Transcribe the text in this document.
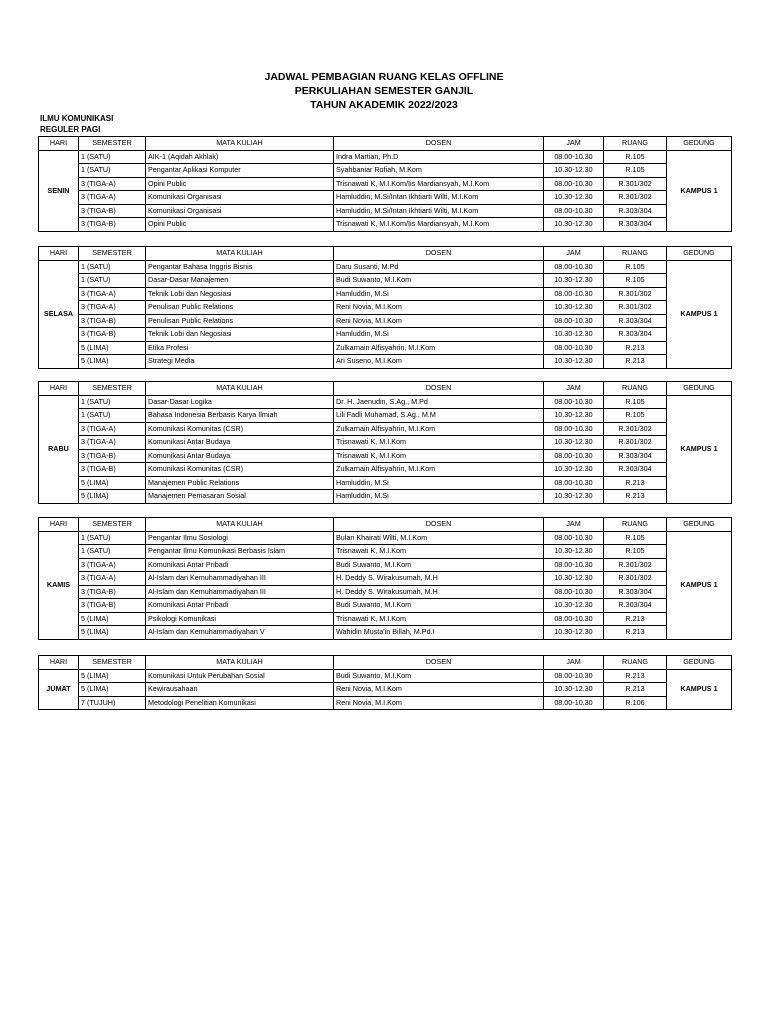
JADWAL PEMBAGIAN RUANG KELAS OFFLINE
PERKULIAHAN SEMESTER GANJIL
TAHUN AKADEMIK 2022/2023
ILMU KOMUNIKASI
REGULER PAGI
HARI	SEMESTER	MATA KULIAH	DOSEN	JAM	RUANG	GEDUNG
SENIN	1 (SATU)	AIK-1 (Aqidah Akhlak)	Indra Martian, Ph.D	08.00-10.30	R.105	KAMPUS 1
	1 (SATU)	Pengantar Aplikasi Komputer	Syahbaniar Rofiah, M.Kom	10.30-12.30	R.105	
	3 (TIGA-A)	Opini Public	Trisnawati K, M.I.Kom/Iis Mardiansyah, M.I.Kom	08.00-10.30	R.301/302	
	3 (TIGA-A)	Komunikasi Organisasi	Hamluddin, M.Si/Intan Ikhtiarti Wilti, M.I.Kom	10.30-12.30	R.301/302	
	3 (TIGA-B)	Komunikasi Organisasi	Hamluddin, M.Si/Intan Ikhtiarti Wilti, M.I.Kom	08.00-10.30	R.303/304	
	3 (TIGA-B)	Opini Public	Trisnawati K, M.I.Kom/Iis Mardiansyah, M.I.Kom	10.30-12.30	R.303/304	
HARI	SEMESTER	MATA KULIAH	DOSEN	JAM	RUANG	GEDUNG
SELASA	1 (SATU)	Pengantar Bahasa Inggris Bisnis	Daru Susanti, M.Pd	08.00-10.30	R.105	KAMPUS 1
	1 (SATU)	Dasar-Dasar Manajemen	Budi Suwanto, M.I.Kom	10.30-12.30	R.105	
	3 (TIGA-A)	Teknik Lobi dan Negosiasi	Hamluddin, M.Si	08.00-10.30	R.301/302	
	3 (TIGA-A)	Penulisan Public Relations	Reni Novia, M.I.Kom	10.30-12.30	R.301/302	
	3 (TIGA-B)	Penulisan Public Relations	Reni Novia, M.I.Kom	08.00-10.30	R.303/304	
	3 (TIGA-B)	Teknik Lobi dan Negosiasi	Hamluddin, M.Si	10.30-12.30	R.303/304	
	5 (LIMA)	Etika Profesi	Zulkarnain Alfisyahrin, M.I.Kom	08.00-10.30	R.213	
	5 (LIMA)	Strategi Media	Ari Suseno, M.I.Kom	10.30-12.30	R.213	
HARI	SEMESTER	MATA KULIAH	DOSEN	JAM	RUANG	GEDUNG
RABU	1 (SATU)	Dasar-Dasar Logika	Dr. H. Jaenudin, S.Ag., M.Pd	08.00-10.30	R.105	KAMPUS 1
	1 (SATU)	Bahasa Indonesia Berbasis Karya Ilmiah	Lili Fadli Muhamad, S.Ag., M.M	10.30-12.30	R.105	
	3 (TIGA-A)	Komunikasi Komunitas (CSR)	Zulkarnain Alfisyahrin, M.I.Kom	08.00-10.30	R.301/302	
	3 (TIGA-A)	Komunikasi Antar Budaya	Trisnawati K, M.I.Kom	10.30-12.30	R.301/302	
	3 (TIGA-B)	Komunikasi Antar Budaya	Trisnawati K, M.I.Kom	08.00-10.30	R.303/304	
	3 (TIGA-B)	Komunikasi Komunitas (CSR)	Zulkarnain Alfisyahrin, M.I.Kom	10.30-12.30	R.303/304	
	5 (LIMA)	Manajemen Public Relations	Hamluddin, M.Si	08.00-10.30	R.213	
	5 (LIMA)	Manajemen Pemasaran Sosial	Hamluddin, M.Si	10.30-12.30	R.213	
HARI	SEMESTER	MATA KULIAH	DOSEN	JAM	RUANG	GEDUNG
KAMIS	1 (SATU)	Pengantar Ilmu Sosiologi	Bulan Khairati Wilti, M.I.Kom	08.00-10.30	R.105	KAMPUS 1
	1 (SATU)	Pengantar Ilmu Komunikasi Berbasis Islam	Trisnawati K, M.I.Kom	10.30-12.30	R.105	
	3 (TIGA-A)	Komunikasi Antar Pribadi	Budi Suwanto, M.I.Kom	08.00-10.30	R.301/302	
	3 (TIGA-A)	Al-Islam dan Kemuhammadiyahan III	H. Deddy S. Wirakusumah, M.H	10.30-12.30	R.301/302	
	3 (TIGA-B)	Al-Islam dan Kemuhammadiyahan III	H. Deddy S. Wirakusumah, M.H	08.00-10.30	R.303/304	
	3 (TIGA-B)	Komunikasi Antar Pribadi	Budi Suwanto, M.I.Kom	10.30-12.30	R.303/304	
	5 (LIMA)	Psikologi Komunikasi	Trisnawati K, M.I.Kom	08.00-10.30	R.213	
	5 (LIMA)	Al-Islam dan Kemuhammadiyahan V	Wahidin Musta'in Billah, M.Pd.I	10.30-12.30	R.213	
HARI	SEMESTER	MATA KULIAH	DOSEN	JAM	RUANG	GEDUNG
JUMAT	5 (LIMA)	Komunikasi Untuk Perubahan Sosial	Budi Suwanto, M.I.Kom	08.00-10.30	R.213	KAMPUS 1
	5 (LIMA)	Kewirausahaan	Reni Novia, M.I.Kom	10.30-12.30	R.213	
	7 (TUJUH)	Metodologi Penelitian Komunikasi	Reni Novia, M.I.Kom	08.00-10.30	R.106	
